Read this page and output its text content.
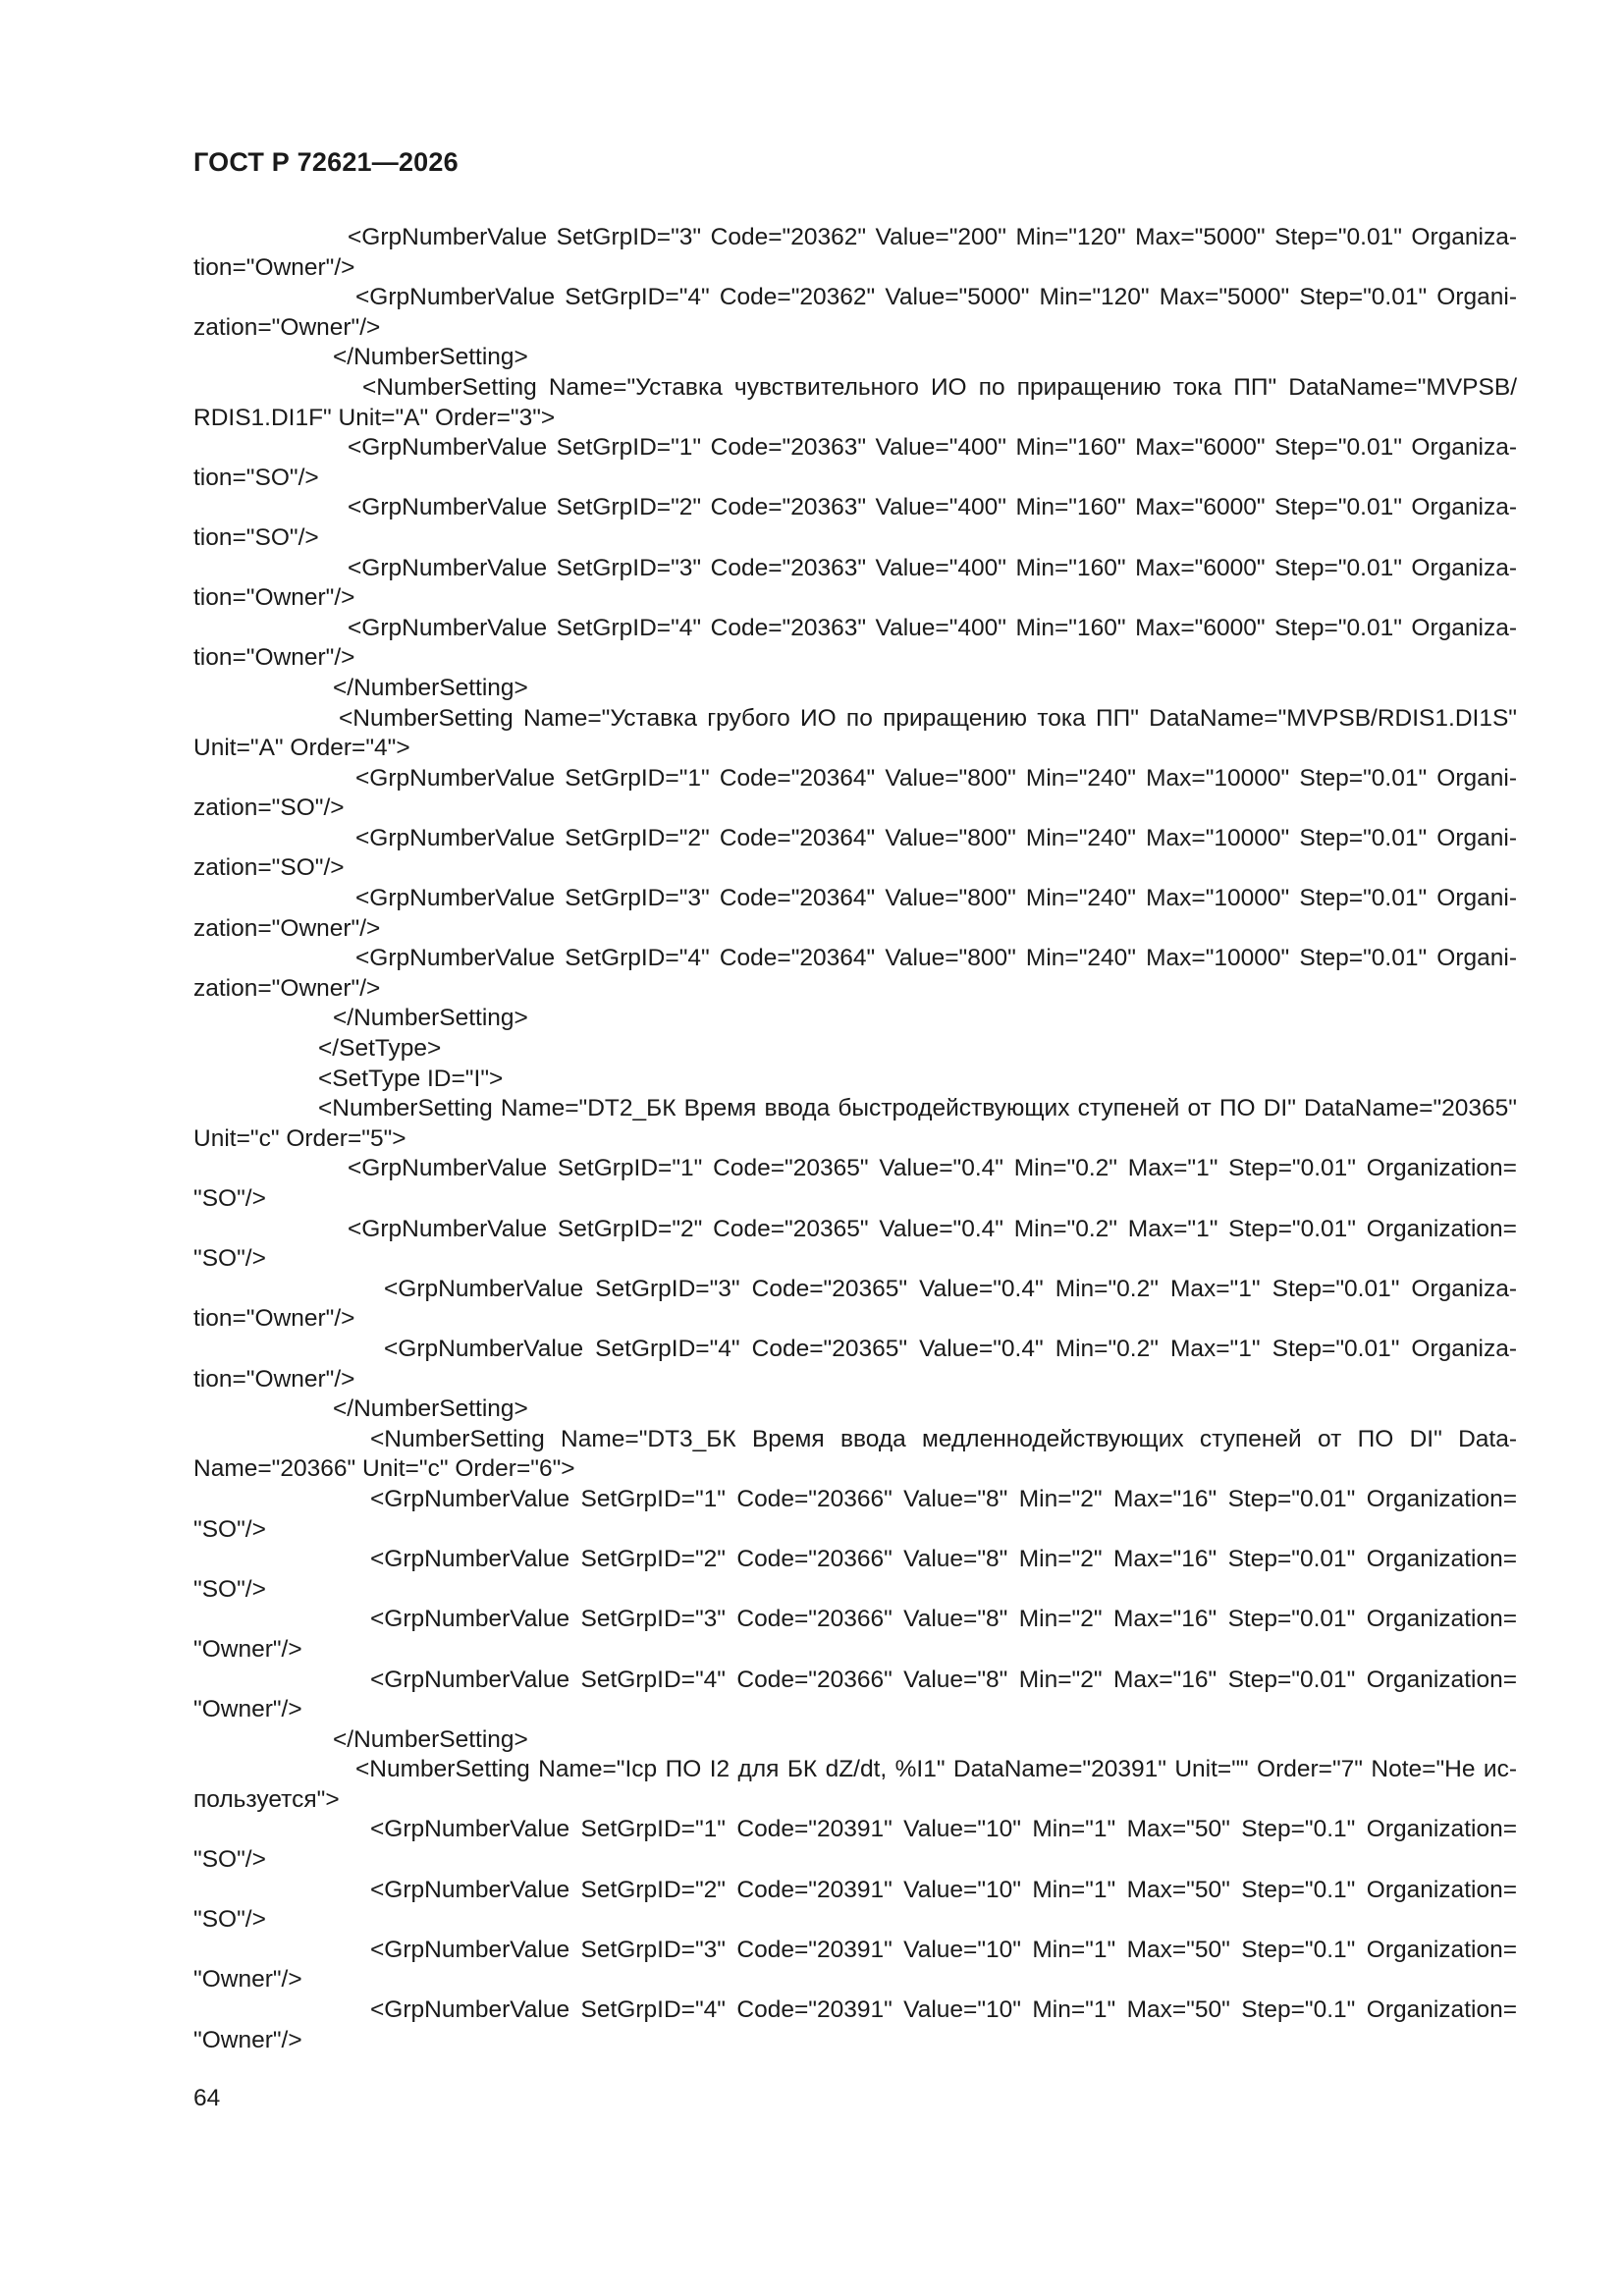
ГОСТ Р 72621—2026
<GrpNumberValue SetGrpID="3" Code="20362" Value="200" Min="120" Max="5000" Step="0.01" Organiza-
tion="Owner"/>
<GrpNumberValue SetGrpID="4" Code="20362" Value="5000" Min="120" Max="5000" Step="0.01" Organi-
zation="Owner"/>
</NumberSetting>
<NumberSetting Name="Уставка чувствительного ИО по приращению тока ПП" DataName="MVPSB/
RDIS1.DI1F" Unit="A" Order="3">
<GrpNumberValue SetGrpID="1" Code="20363" Value="400" Min="160" Max="6000" Step="0.01" Organiza-
tion="SO"/>
<GrpNumberValue SetGrpID="2" Code="20363" Value="400" Min="160" Max="6000" Step="0.01" Organiza-
tion="SO"/>
<GrpNumberValue SetGrpID="3" Code="20363" Value="400" Min="160" Max="6000" Step="0.01" Organiza-
tion="Owner"/>
<GrpNumberValue SetGrpID="4" Code="20363" Value="400" Min="160" Max="6000" Step="0.01" Organiza-
tion="Owner"/>
</NumberSetting>
<NumberSetting Name="Уставка грубого ИО по приращению тока ПП" DataName="MVPSB/RDIS1.DI1S"
Unit="A" Order="4">
<GrpNumberValue SetGrpID="1" Code="20364" Value="800" Min="240" Max="10000" Step="0.01" Organi-
zation="SO"/>
<GrpNumberValue SetGrpID="2" Code="20364" Value="800" Min="240" Max="10000" Step="0.01" Organi-
zation="SO"/>
<GrpNumberValue SetGrpID="3" Code="20364" Value="800" Min="240" Max="10000" Step="0.01" Organi-
zation="Owner"/>
<GrpNumberValue SetGrpID="4" Code="20364" Value="800" Min="240" Max="10000" Step="0.01" Organi-
zation="Owner"/>
</NumberSetting>
</SetType>
<SetType ID="I">
<NumberSetting Name="DT2_БК Время ввода быстродействующих ступеней от ПО DI" DataName="20365"
Unit="c" Order="5">
<GrpNumberValue SetGrpID="1" Code="20365" Value="0.4" Min="0.2" Max="1" Step="0.01" Organization=
"SO"/>
<GrpNumberValue SetGrpID="2" Code="20365" Value="0.4" Min="0.2" Max="1" Step="0.01" Organization=
"SO"/>
<GrpNumberValue SetGrpID="3" Code="20365" Value="0.4" Min="0.2" Max="1" Step="0.01" Organiza-
tion="Owner"/>
<GrpNumberValue SetGrpID="4" Code="20365" Value="0.4" Min="0.2" Max="1" Step="0.01" Organiza-
tion="Owner"/>
</NumberSetting>
<NumberSetting Name="DT3_БК Время ввода медленнодействующих ступеней от ПО DI" Data-
Name="20366" Unit="c" Order="6">
<GrpNumberValue SetGrpID="1" Code="20366" Value="8" Min="2" Max="16" Step="0.01" Organization=
"SO"/>
<GrpNumberValue SetGrpID="2" Code="20366" Value="8" Min="2" Max="16" Step="0.01" Organization=
"SO"/>
<GrpNumberValue SetGrpID="3" Code="20366" Value="8" Min="2" Max="16" Step="0.01" Organization=
"Owner"/>
<GrpNumberValue SetGrpID="4" Code="20366" Value="8" Min="2" Max="16" Step="0.01" Organization=
"Owner"/>
</NumberSetting>
<NumberSetting Name="Icp ПО I2 для БК dZ/dt, %I1" DataName="20391" Unit="" Order="7" Note="Не ис-
пользуется">
<GrpNumberValue SetGrpID="1" Code="20391" Value="10" Min="1" Max="50" Step="0.1" Organization=
"SO"/>
<GrpNumberValue SetGrpID="2" Code="20391" Value="10" Min="1" Max="50" Step="0.1" Organization=
"SO"/>
<GrpNumberValue SetGrpID="3" Code="20391" Value="10" Min="1" Max="50" Step="0.1" Organization=
"Owner"/>
<GrpNumberValue SetGrpID="4" Code="20391" Value="10" Min="1" Max="50" Step="0.1" Organization=
"Owner"/>
64
